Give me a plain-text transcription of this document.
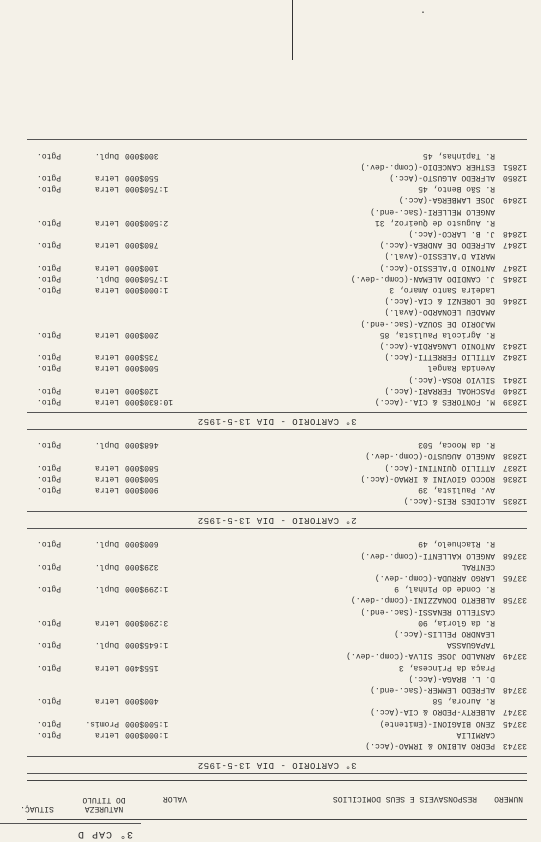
3° CAP D
NUMERO
RESPONSAVEIS E SEUS DOMICILIOS
VALOR
NATUREZA DO TITULO
SITUAÇ.
3° CARTORIO - DIA 13-5-1952
33743
PEDRO ALBINO & IRMÃO-(Acc.)
CARMILIA
1:000$000
Letra
Pgto.
33745
ZENO BIAGIONI-(Emitente)
1:500$000
Promis.
Pgto.
33747
ALBERTY-PEDRO & CIA-(Acc.)
R. Aurora, 58
400$000
Letra
Pgto.
33748
ALFREDO LEMMER-(Sac.-end.)
D. L. BRAGA-(Acc.)
Praça da Princesa, 3
155$400
Letra
Pgto.
33749
ARNALDO JOSÉ SILVA-(Comp.-dev.)
TAPAGUASSA
1:645$000
Dupl.
Pgto.
LEANDRO PELLIS-(Acc.)
R. da Gloria, 90
3:290$000
Letra
Pgto.
CASTELLO RENASSI-(Sac.-end.)
33758
ALBERTO DONAZZINI-(Comp.-dev.)
R. Conde do Pinhal, 9
1:299$000
Dupl.
Pgto.
33765
LARGO ARRUDA-(Comp.-dev.)
CENTRAL
329$000
Dupl.
Pgto.
33768
ANGELO KALLENTI-(Comp.-dev.)
R. Riachuelo, 49
600$000
Dupl.
Pgto.
2° CARTORIO - DIA 13-5-1952
12835
ALCIDES REIS-(Acc.)
Av. Paulista, 39
900$000
Letra
Pgto.
12836
ROCCO GIOVINI & IRMÃO-(Acc.)
500$000
Letra
Pgto.
12837
ATTILIO QUINTINI-(Acc.)
580$000
Letra
Pgto.
12838
ANGELO AUGUSTO-(Comp.-dev.)
R. da Mooca, 503
468$000
Dupl.
Pgto.
3° CARTORIO - DIA 13-5-1952
12839
M. FONTORES & CIA.-(Acc.)
10:830$000
Letra
Pgto.
12840
PASCHOAL FERRARI-(Acc.)
120$000
Letra
Pgto.
12841
SILVIO ROSA-(Acc.)
Avenida Rangel
500$000
Letra
Pgto.
12842
ATTILIO FERRETTI-(Acc.)
735$000
Letra
Pgto.
12843
ANTONIO LANGARDIA-(Acc.)
R. Agricola Paulista, 85
200$000
Letra
Pgto.
MAJORIO DE SOUZA-(Sac.-end.)
AMADEU LEONARDO-(Aval.)
12846
DE LORENZI & CIA-(Acc.)
Ladeira Santo Amaro, 3
1:000$000
Letra
Pgto.
12845
J. CANDIDO ALEMAN-(Comp.-dev.)
1:750$000
Dupl.
Pgto.
12847
ANTONIO D'ALESSIO-(Acc.)
100$000
Letra
Pgto.
MARIA D'ALESSIO-(Aval.)
12847
ALFREDO DE ANDREA-(Acc.)
780$000
Letra
Pgto.
12848
J. B. LARCO-(Acc.)
R. Augusto de Queiroz, 31
2:500$000
Letra
Pgto.
ANGELO MELLERI-(Sac.-end.)
12849
JOSÉ LAMBERGA-(Acc.)
R. São Bento, 45
1:750$000
Letra
Pgto.
12850
ALFREDO ALGUSTO-(Acc.)
550$000
Letra
Pgto.
12851
ESTHER CANCEDIO-(Comp.-dev.)
R. Tapinhas, 45
300$000
Dupl.
Pgto.
·
